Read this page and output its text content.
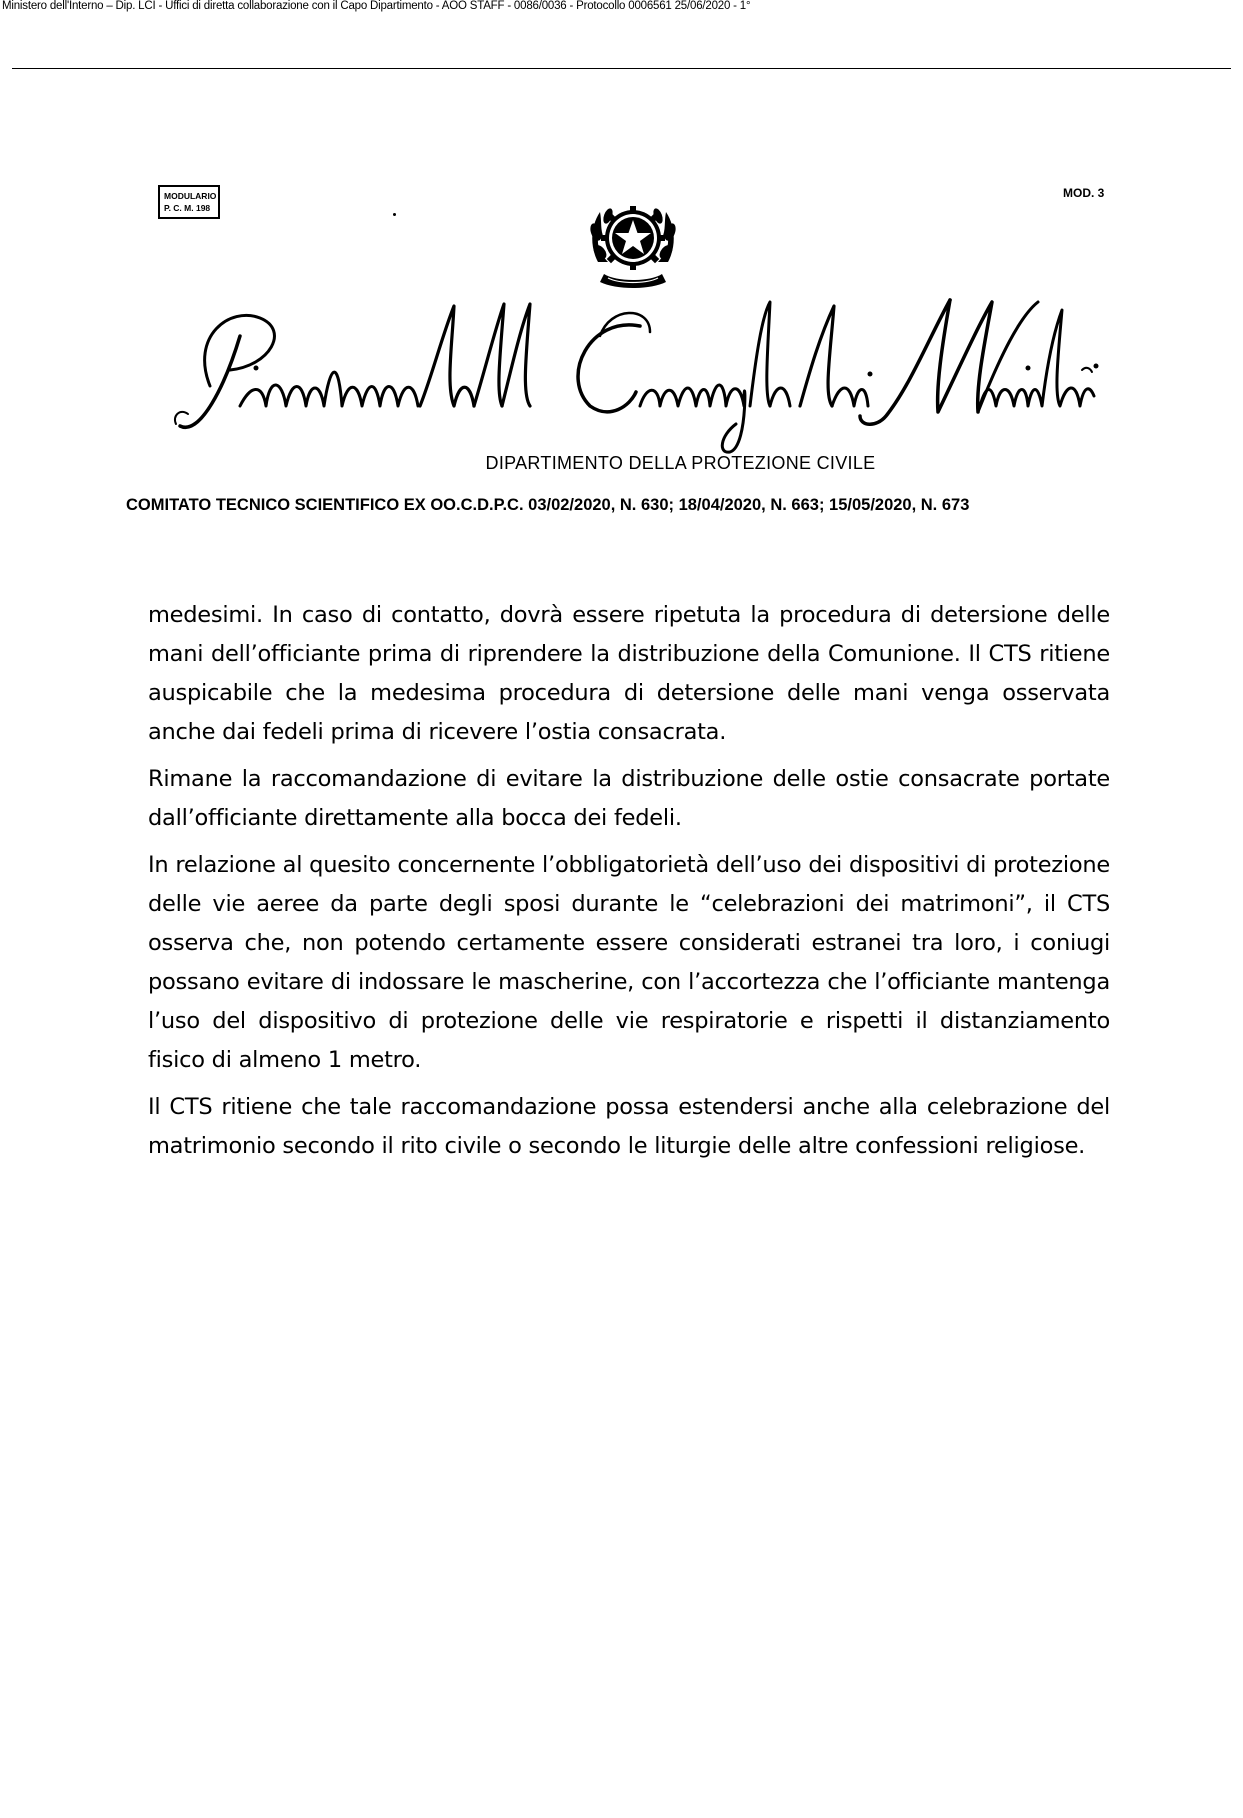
Ministero dell'Interno – Dip. LCI - Uffici di diretta collaborazione con il Capo Dipartimento - AOO STAFF - 0086/0036 - Protocollo 0006561 25/06/2020 - 1°
MODULARIO
P. C. M. 198
MOD. 3
DIPARTIMENTO DELLA PROTEZIONE CIVILE
COMITATO TECNICO SCIENTIFICO EX OO.C.D.P.C. 03/02/2020, N. 630; 18/04/2020, N. 663; 15/05/2020, N. 673

medesimi. In caso di contatto, dovrà essere ripetuta la procedura di detersione delle mani dell’officiante prima di riprendere la distribuzione della Comunione. Il CTS ritiene auspicabile che la medesima procedura di detersione delle mani venga osservata anche dai fedeli prima di ricevere l’ostia consacrata.

Rimane la raccomandazione di evitare la distribuzione delle ostie consacrate portate dall’officiante direttamente alla bocca dei fedeli.

In relazione al quesito concernente l’obbligatorietà dell’uso dei dispositivi di protezione delle vie aeree da parte degli sposi durante le “celebrazioni dei matrimoni”, il CTS osserva che, non potendo certamente essere considerati estranei tra loro, i coniugi possano evitare di indossare le mascherine, con l’accortezza che l’officiante mantenga l’uso del dispositivo di protezione delle vie respiratorie e rispetti il distanziamento fisico di almeno 1 metro.

Il CTS ritiene che tale raccomandazione possa estendersi anche alla celebrazione del matrimonio secondo il rito civile o secondo le liturgie delle altre confessioni religiose.
